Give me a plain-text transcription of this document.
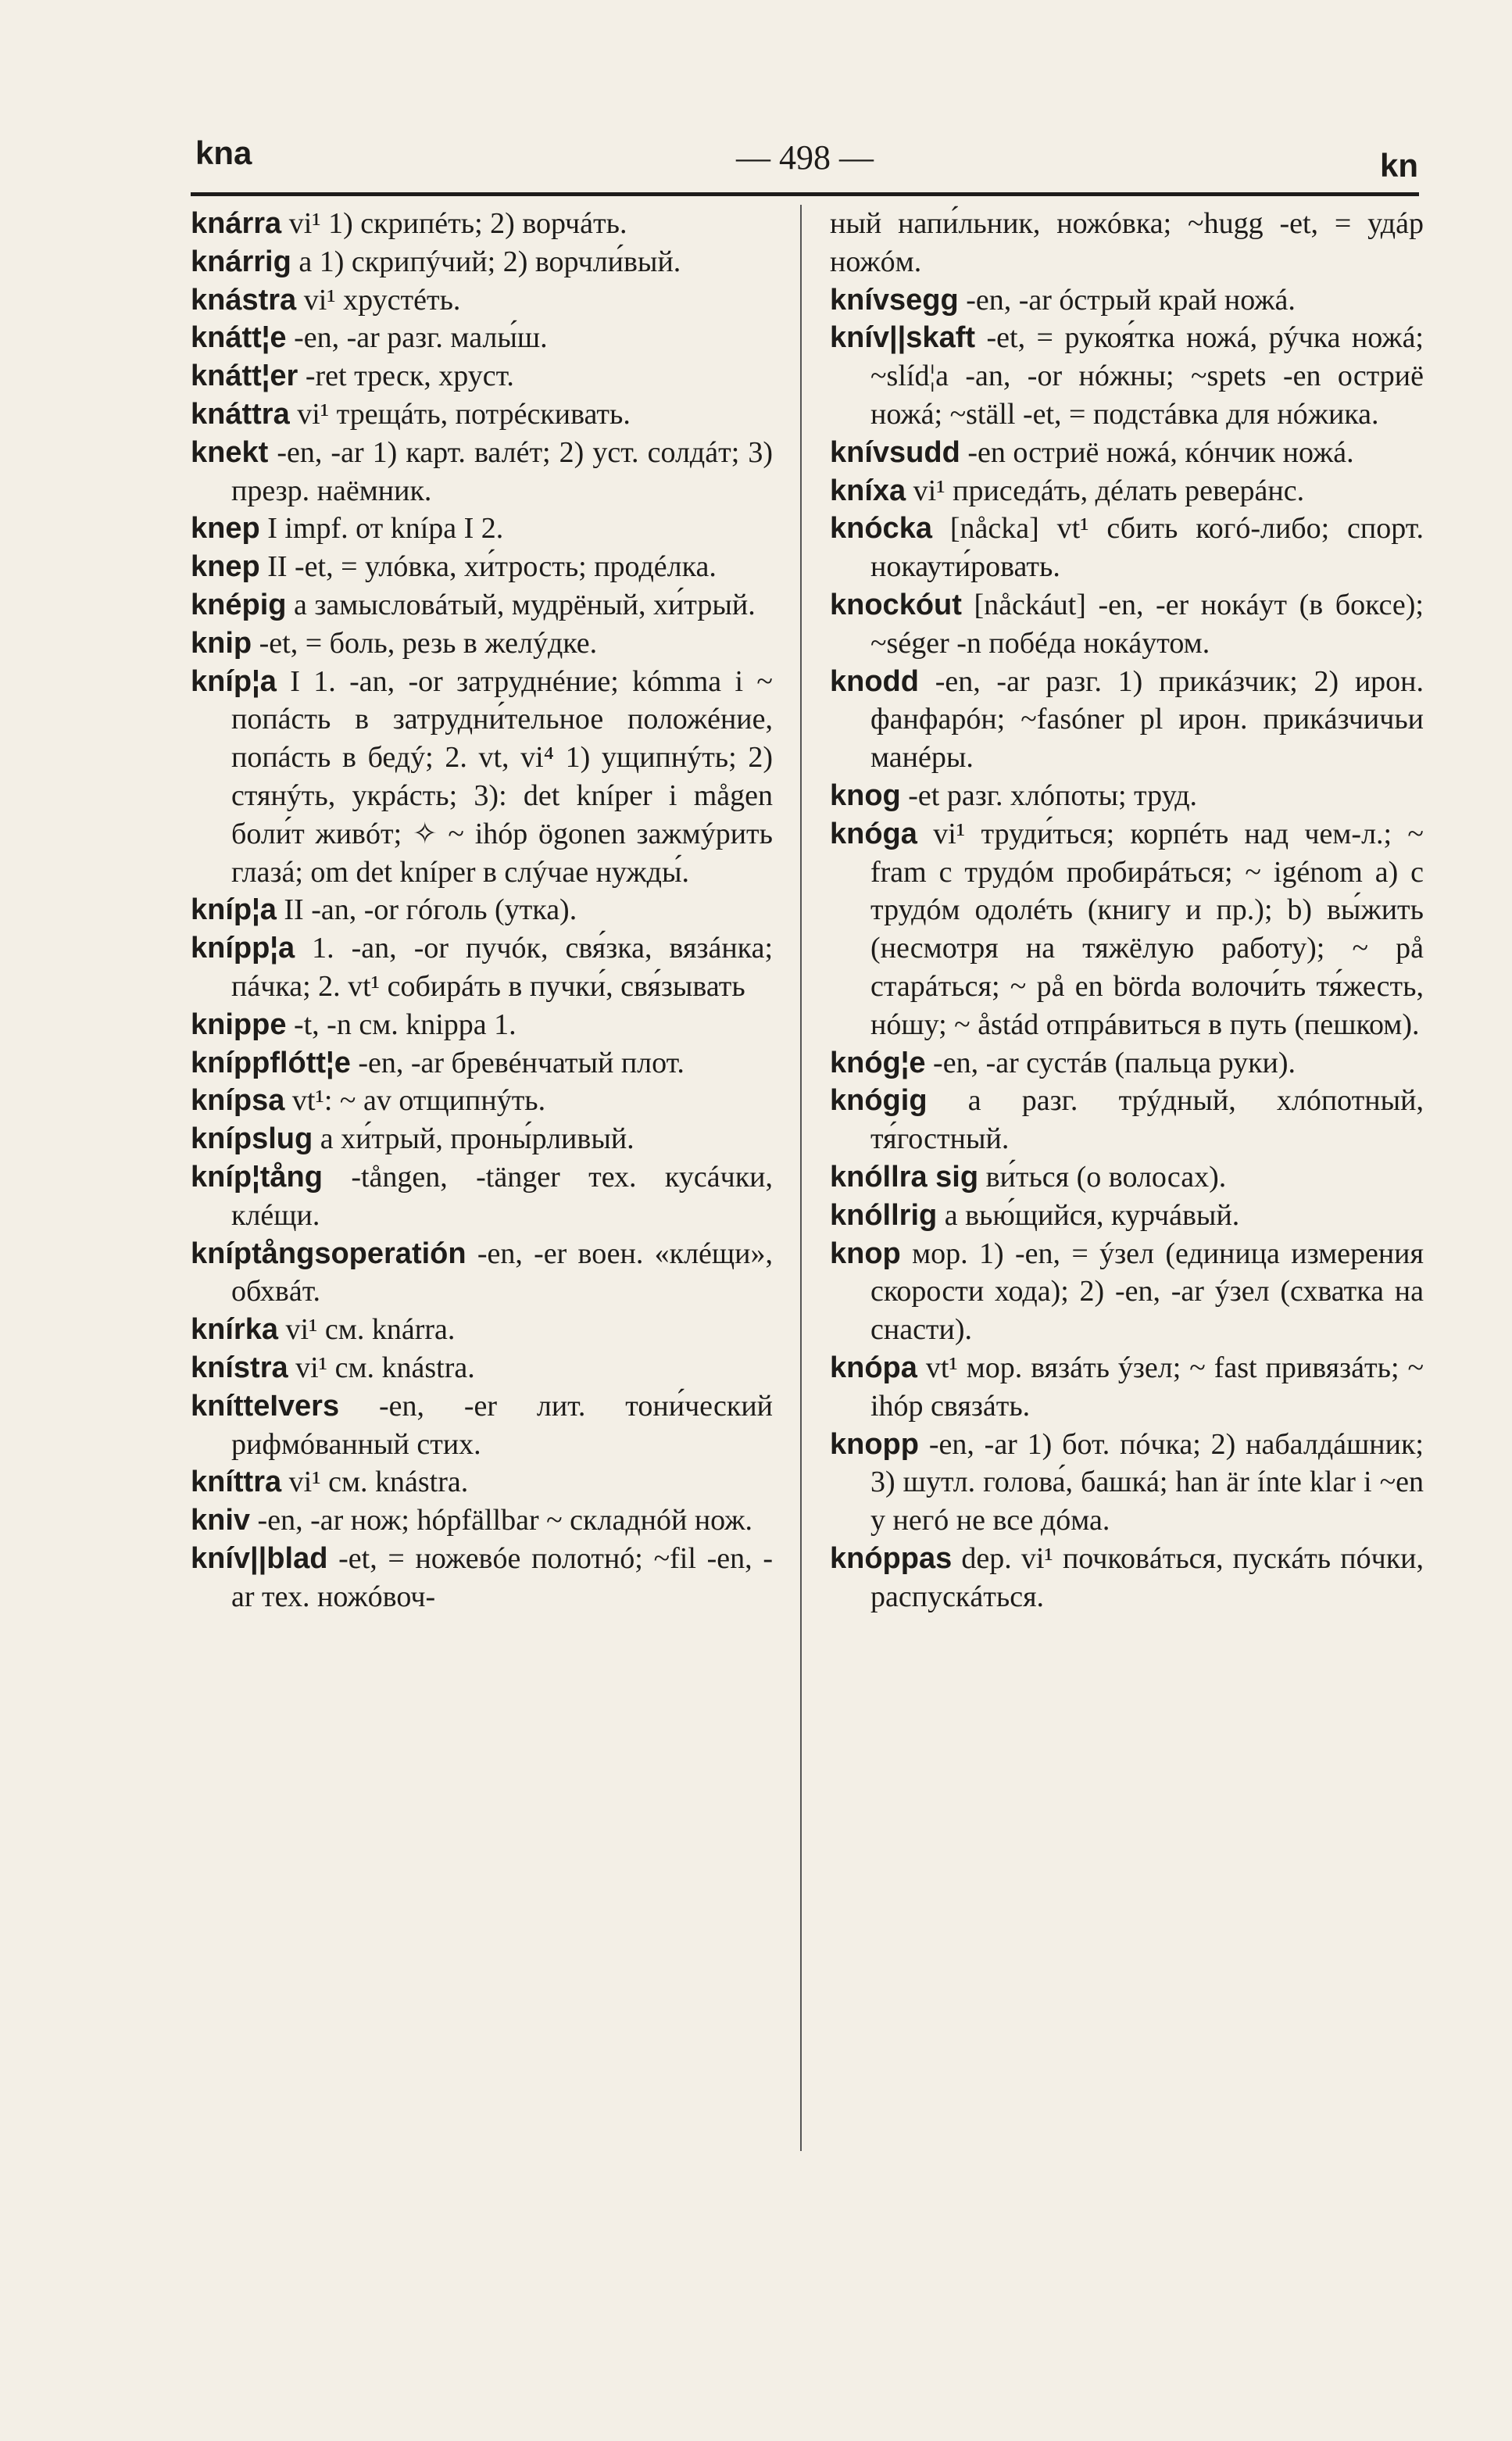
kna	— 498 —	kn

knárra vi¹ 1) скрипéть; 2) ворчáть.

knárrig a 1) скрипýчий; 2) ворчли́вый.

knástra vi¹ хрустéть.

knátt¦e -en, -ar разг. малы́ш.

knátt¦er -ret треск, хруст.

knáttra vi¹ трещáть, потрéскивать.

knekt -en, -ar 1) карт. валéт; 2) уст. солдáт; 3) презр. наёмник.

knep I impf. от knípa I 2.

knep II -et, = улóвка, хи́трость; продéлка.

knépig a замысловáтый, мудрёный, хи́трый.

knip -et, = боль, резь в желýдке.

kníp¦a I 1. -an, -or затруднéние; kómma i ~ попáсть в затрудни́тельное положéние, попáсть в бедý; 2. vt, vi⁴ 1) ущипнýть; 2) стянýть, укрáсть; 3): det kníper i mågen боли́т живóт; ✧ ~ ihóp ögonen зажмýрить глазá; om det kníper в слýчае нужды́.

kníp¦a II -an, -or гóголь (утка).

knípp¦a 1. -an, -or пучóк, свя́зка, вязáнка; пáчка; 2. vt¹ собирáть в пучки́, свя́зывать

knippe -t, -n см. knippa 1.

kníppflótt¦e -en, -ar бревéнчатый плот.

knípsa vt¹: ~ av отщипнýть.

knípslug a хи́трый, проны́рливый.

kníp¦tång -tången, -tänger тех. кусáчки, клéщи.

kníptångsoperatión -en, -er воен. «клéщи», обхвáт.

knírka vi¹ см. knárra.

knístra vi¹ см. knástra.

knítteIvers -en, -er лит. тони́ческий рифмóванный стих.

kníttra vi¹ см. knástra.

kniv -en, -ar нож; hópfällbar ~ складнóй нож.

knív||blad -et, = ножевóе полотнó; ~fil -en, -ar тех. ножóвоч-

ный напи́льник, ножóвка; ~hugg -et, = удáр ножóм.

knívsegg -en, -ar óстрый край ножá.

knív||skaft -et, = рукоя́тка ножá, рýчка ножá; ~slíd¦a -an, -or нóжны; ~spets -en остриё ножá; ~ställ -et, = подстáвка для нóжика.

knívsudd -en остриё ножá, кóнчик ножá.

kníxa vi¹ приседáть, дéлать реверáнс.

knócka [nåcka] vt¹ сбить когó-либо; спорт. нокаути́ровать.

knockóut [nåckáut] -en, -er нокáут (в боксе); ~séger -n побéда нокáутом.

knodd -en, -ar разг. 1) прикáзчик; 2) ирон. фанфарóн; ~fasóner pl ирон. прикáзчичьи манéры.

knog -et разг. хлóпоты; труд.

knóga vi¹ труди́ться; корпéть над чем-л.; ~ fram с трудóм пробирáться; ~ igénom a) с трудóм одолéть (книгу и пр.); b) вы́жить (несмотря на тяжёлую работу); ~ på старáться; ~ på en börda волочи́ть тя́жесть, нóшу; ~ åstád отпрáвиться в путь (пешком).

knóg¦e -en, -ar сустáв (пальца руки).

knógig a разг. трýдный, хлóпотный, тя́гостный.

knóllra sig ви́ться (о волосах).

knóllrig a вью́щийся, курчáвый.

knop мор. 1) -en, = ýзел (единица измерения скорости хода); 2) -en, -ar ýзел (схватка на снасти).

knópa vt¹ мор. вязáть ýзел; ~ fast привязáть; ~ ihóp связáть.

knopp -en, -ar 1) бот. пóчка; 2) набалдáшник; 3) шутл. голова́, башкá; han är ínte klar i ~en у негó не все дóма.

knóppas dep. vi¹ почковáться, пускáть пóчки, распускáться.
